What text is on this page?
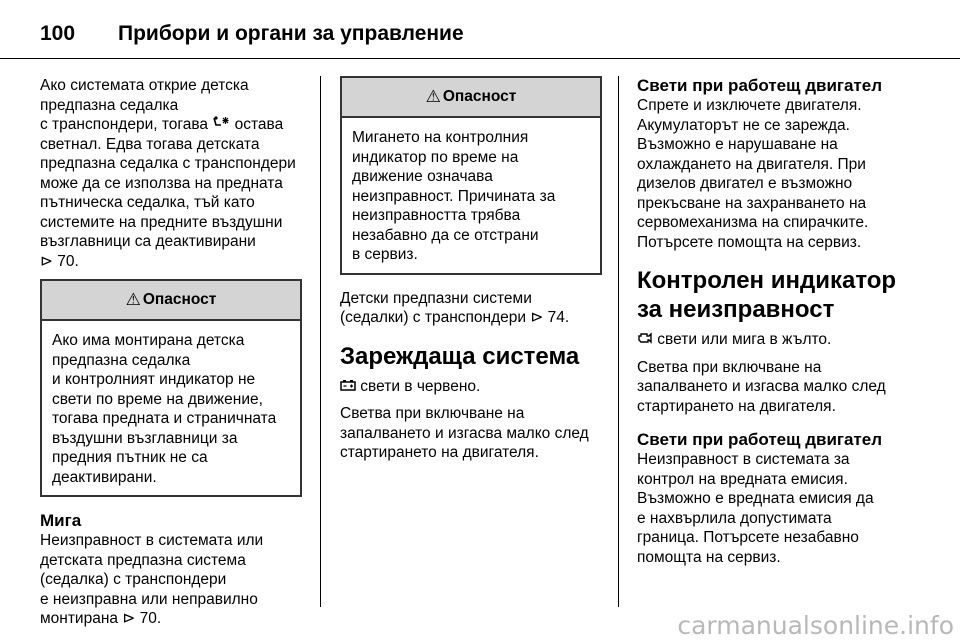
100	Прибори и органи за управление

Ако системата открие детска
предпазна седалка
с транспондери, тогава  остава
светнал. Едва тогава детската
предпазна седалка с транспондери
може да се използва на предната
пътническа седалка, тъй като
системите на предните въздушни
възглавници са деактивирани
⊳ 70.

⚠ Опасност

Ако има монтирана детска
предпазна седалка
и контролният индикатор не
свети по време на движение,
тогава предната и страничната
въздушни възглавници за
предния пътник не са
деактивирани.

Мига

Неизправност в системата или
детската предпазна система
(седалка) с транспондери
е неизправна или неправилно
монтирана ⊳ 70.

⚠ Опасност

Мигането на контролния
индикатор по време на
движение означава
неизправност. Причината за
неизправността трябва
незабавно да се отстрани
в сервиз.

Детски предпазни системи
(седалки) с транспондери ⊳ 74.

Зареждаща система

свети в червено.

Светва при включване на
запалването и изгасва малко след
стартирането на двигателя.

Свети при работещ двигател

Спрете и изключете двигателя.
Акумулаторът не се зарежда.
Възможно е нарушаване на
охлаждането на двигателя. При
дизелов двигател е възможно
прекъсване на захранването на
сервомеханизма на спирачките.
Потърсете помощта на сервиз.

Контролен индикатор за неизправност

свети или мига в жълто.

Светва при включване на
запалването и изгасва малко след
стартирането на двигателя.

Свети при работещ двигател

Неизправност в системата за
контрол на вредната емисия.
Възможно е вредната емисия да
е нахвърлила допустимата
граница. Потърсете незабавно
помощта на сервиз.

carmanualsonline.info
